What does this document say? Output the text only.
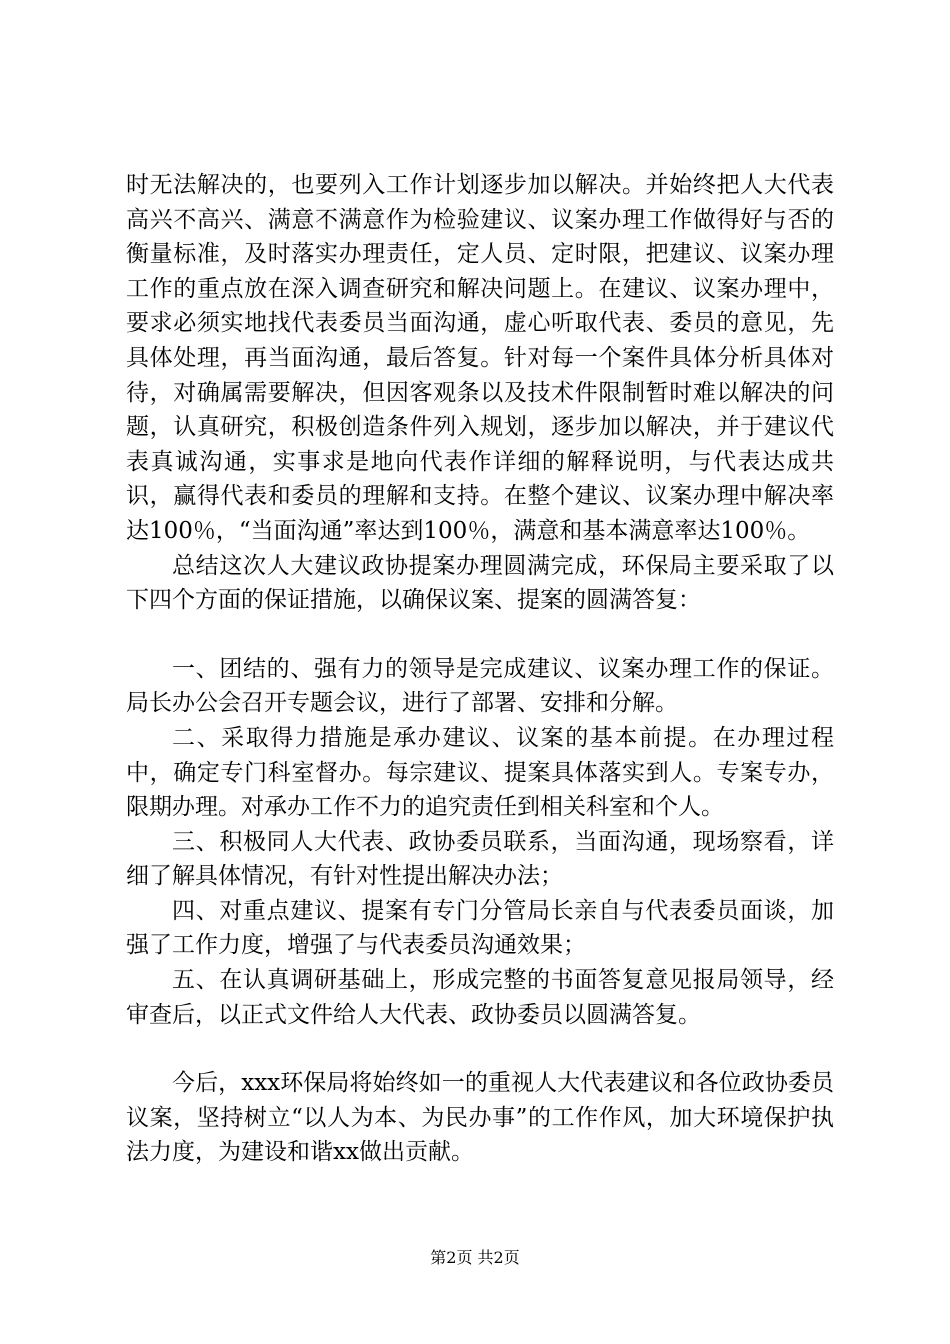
时无法解决的，也要列入工作计划逐步加以解决。并始终把人大代表高兴不高兴、满意不满意作为检验建议、议案办理工作做得好与否的衡量标准，及时落实办理责任，定人员、定时限，把建议、议案办理工作的重点放在深入调查研究和解决问题上。在建议、议案办理中，要求必须实地找代表委员当面沟通，虚心听取代表、委员的意见，先具体处理，再当面沟通，最后答复。针对每一个案件具体分析具体对待，对确属需要解决，但因客观条以及技术件限制暂时难以解决的问题，认真研究，积极创造条件列入规划，逐步加以解决，并于建议代表真诚沟通，实事求是地向代表作详细的解释说明，与代表达成共识，赢得代表和委员的理解和支持。在整个建议、议案办理中解决率达100％，“当面沟通”率达到100％，满意和基本满意率达100％。

总结这次人大建议政协提案办理圆满完成，环保局主要采取了以下四个方面的保证措施，以确保议案、提案的圆满答复：

一、团结的、强有力的领导是完成建议、议案办理工作的保证。局长办公会召开专题会议，进行了部署、安排和分解。

二、采取得力措施是承办建议、议案的基本前提。在办理过程中，确定专门科室督办。每宗建议、提案具体落实到人。专案专办，限期办理。对承办工作不力的追究责任到相关科室和个人。

三、积极同人大代表、政协委员联系，当面沟通，现场察看，详细了解具体情况，有针对性提出解决办法；

四、对重点建议、提案有专门分管局长亲自与代表委员面谈，加强了工作力度，增强了与代表委员沟通效果；

五、在认真调研基础上，形成完整的书面答复意见报局领导，经审查后，以正式文件给人大代表、政协委员以圆满答复。

今后，xxx环保局将始终如一的重视人大代表建议和各位政协委员议案，坚持树立“以人为本、为民办事”的工作作风，加大环境保护执法力度，为建设和谐xx做出贡献。

第2页 共2页
